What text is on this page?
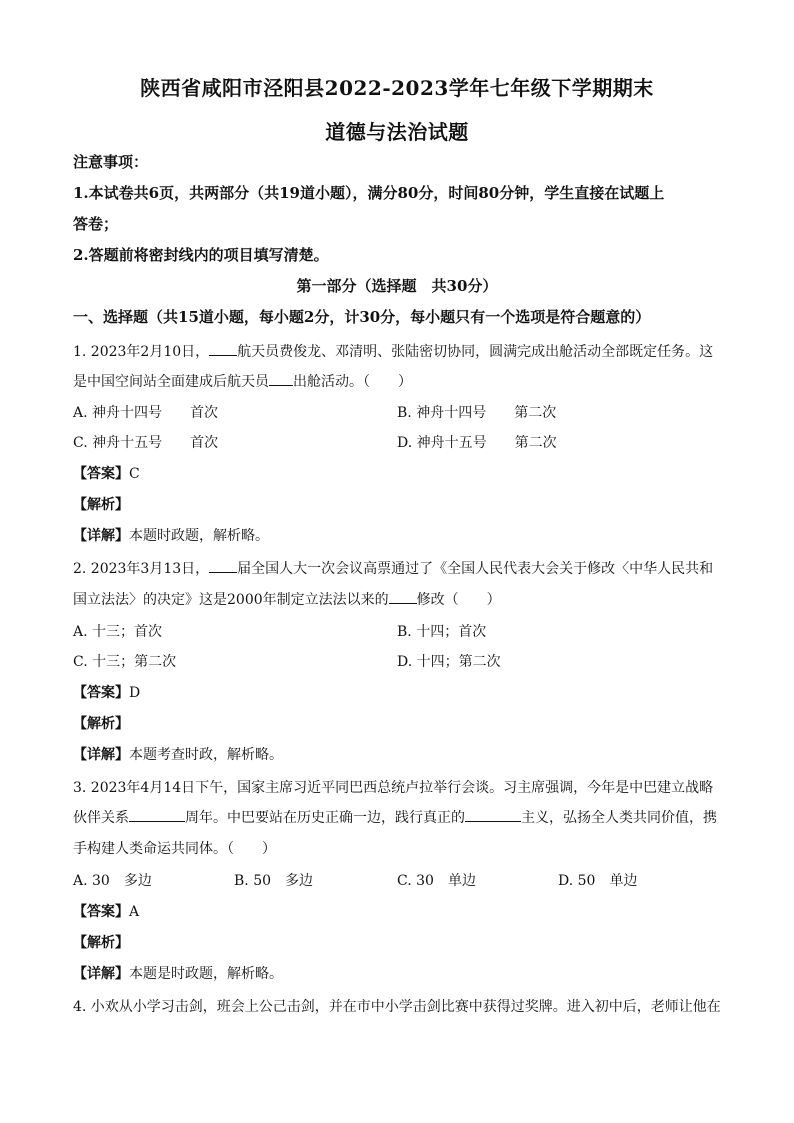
陕西省咸阳市泾阳县2022-2023学年七年级下学期期末
道德与法治试题
注意事项：
1.本试卷共6页，共两部分（共19道小题），满分80分，时间80分钟，学生直接在试题上
答卷；
2.答题前将密封线内的项目填写清楚。
第一部分（选择题　共30分）
一、选择题（共15道小题，每小题2分，计30分，每小题只有一个选项是符合题意的）
1. 2023年2月10日， 航天员费俊龙、邓清明、张陆密切协同，圆满完成出舱活动全部既定任务。这
是中国空间站全面建成后航天员 出舱活动。（　　）
A. 神舟十四号 首次	B. 神舟十四号 第二次
C. 神舟十五号 首次	D. 神舟十五号 第二次
【答案】C
【解析】
【详解】本题时政题，解析略。
2. 2023年3月13日， 届全国人大一次会议高票通过了《全国人民代表大会关于修改〈中华人民共和
国立法法〉的决定》这是2000年制定立法法以来的 修改（　　）
A. 十三；首次	B. 十四；首次
C. 十三；第二次	D. 十四；第二次
【答案】D
【解析】
【详解】本题考查时政，解析略。
3. 2023年4月14日下午，国家主席习近平同巴西总统卢拉举行会谈。习主席强调，今年是中巴建立战略
伙伴关系	周年。中巴要站在历史正确一边，践行真正的	主义，弘扬全人类共同价值，携
手构建人类命运共同体。（　　）
A. 30　多边	B. 50　多边	C. 30　单边	D. 50　单边
【答案】A
【解析】
【详解】本题是时政题，解析略。
4. 小欢从小学习击剑，班会上公己击剑，并在市中小学击剑比赛中获得过奖牌。进入初中后，老师让他在
